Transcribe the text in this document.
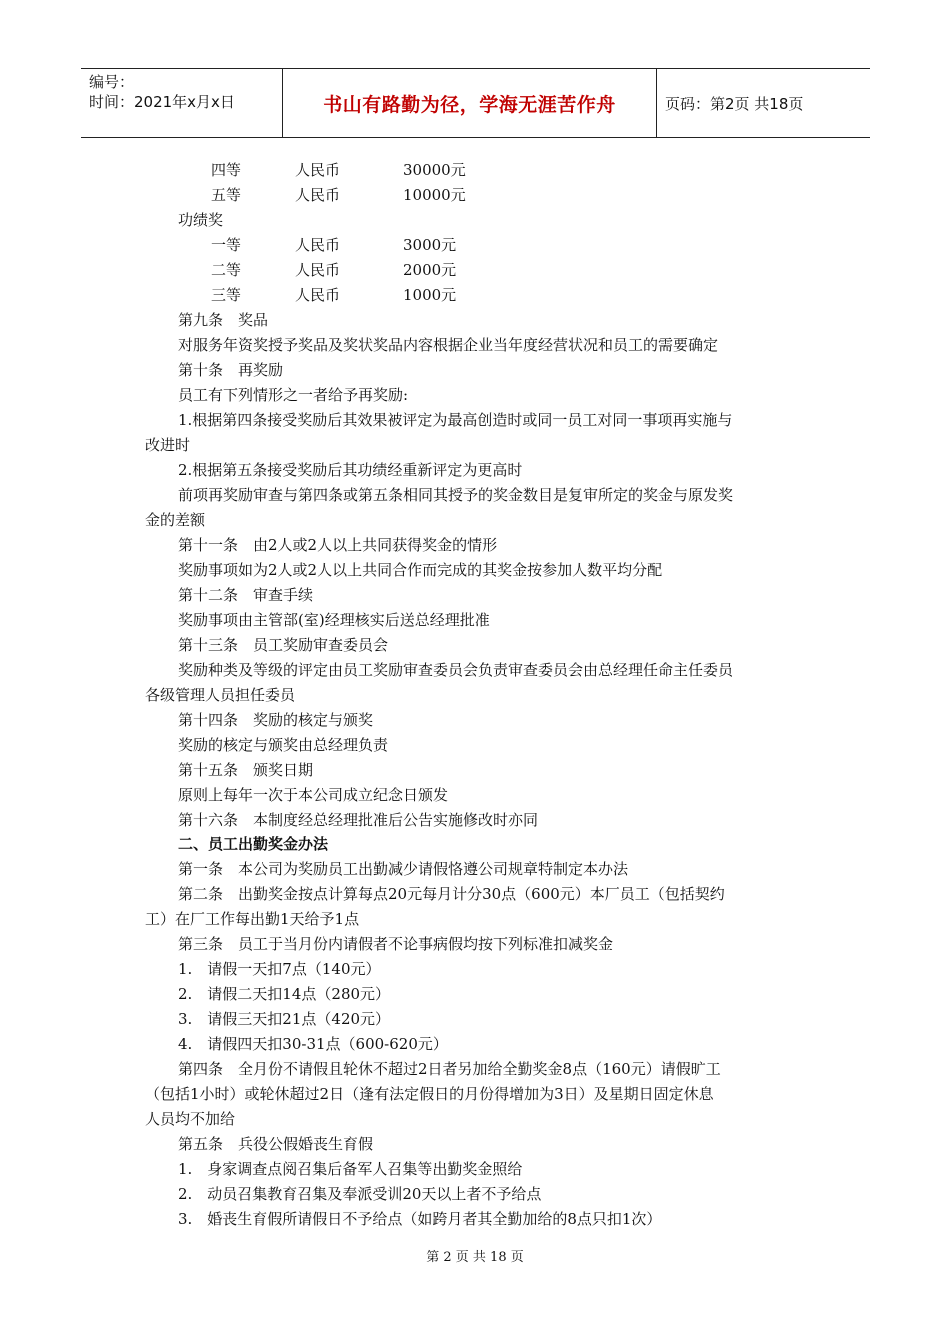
编号：
时间：2021年x月x日	书山有路勤为径，学海无涯苦作舟	页码：第2页 共18页
四等	人民币	30000元
五等	人民币	10000元
功绩奖
一等	人民币	3000元
二等	人民币	2000元
三等	人民币	1000元
第九条　奖品
对服务年资奖授予奖品及奖状奖品内容根据企业当年度经营状况和员工的需要确定
第十条　再奖励
员工有下列情形之一者给予再奖励:
1.根据第四条接受奖励后其效果被评定为最高创造时或同一员工对同一事项再实施与
改进时
2.根据第五条接受奖励后其功绩经重新评定为更高时
前项再奖励审查与第四条或第五条相同其授予的奖金数目是复审所定的奖金与原发奖
金的差额
第十一条　由2人或2人以上共同获得奖金的情形
奖励事项如为2人或2人以上共同合作而完成的其奖金按参加人数平均分配
第十二条　审查手续
奖励事项由主管部(室)经理核实后送总经理批准
第十三条　员工奖励审查委员会
奖励种类及等级的评定由员工奖励审查委员会负责审查委员会由总经理任命主任委员
各级管理人员担任委员
第十四条　奖励的核定与颁奖
奖励的核定与颁奖由总经理负责
第十五条　颁奖日期
原则上每年一次于本公司成立纪念日颁发
第十六条　本制度经总经理批准后公告实施修改时亦同
二、员工出勤奖金办法
第一条　本公司为奖励员工出勤减少请假恪遵公司规章特制定本办法
第二条　出勤奖金按点计算每点20元每月计分30点（600元）本厂员工（包括契约
工）在厂工作每出勤1天给予1点
第三条　员工于当月份内请假者不论事病假均按下列标准扣减奖金
1.　请假一天扣7点（140元）
2.　请假二天扣14点（280元）
3.　请假三天扣21点（420元）
4.　请假四天扣30-31点（600-620元）
第四条　全月份不请假且轮休不超过2日者另加给全勤奖金8点（160元）请假旷工
（包括1小时）或轮休超过2日（逢有法定假日的月份得增加为3日）及星期日固定休息
人员均不加给
第五条　兵役公假婚丧生育假
1.　身家调查点阅召集后备军人召集等出勤奖金照给
2.　动员召集教育召集及奉派受训20天以上者不予给点
3.　婚丧生育假所请假日不予给点（如跨月者其全勤加给的8点只扣1次）
第 2 页 共 18 页
